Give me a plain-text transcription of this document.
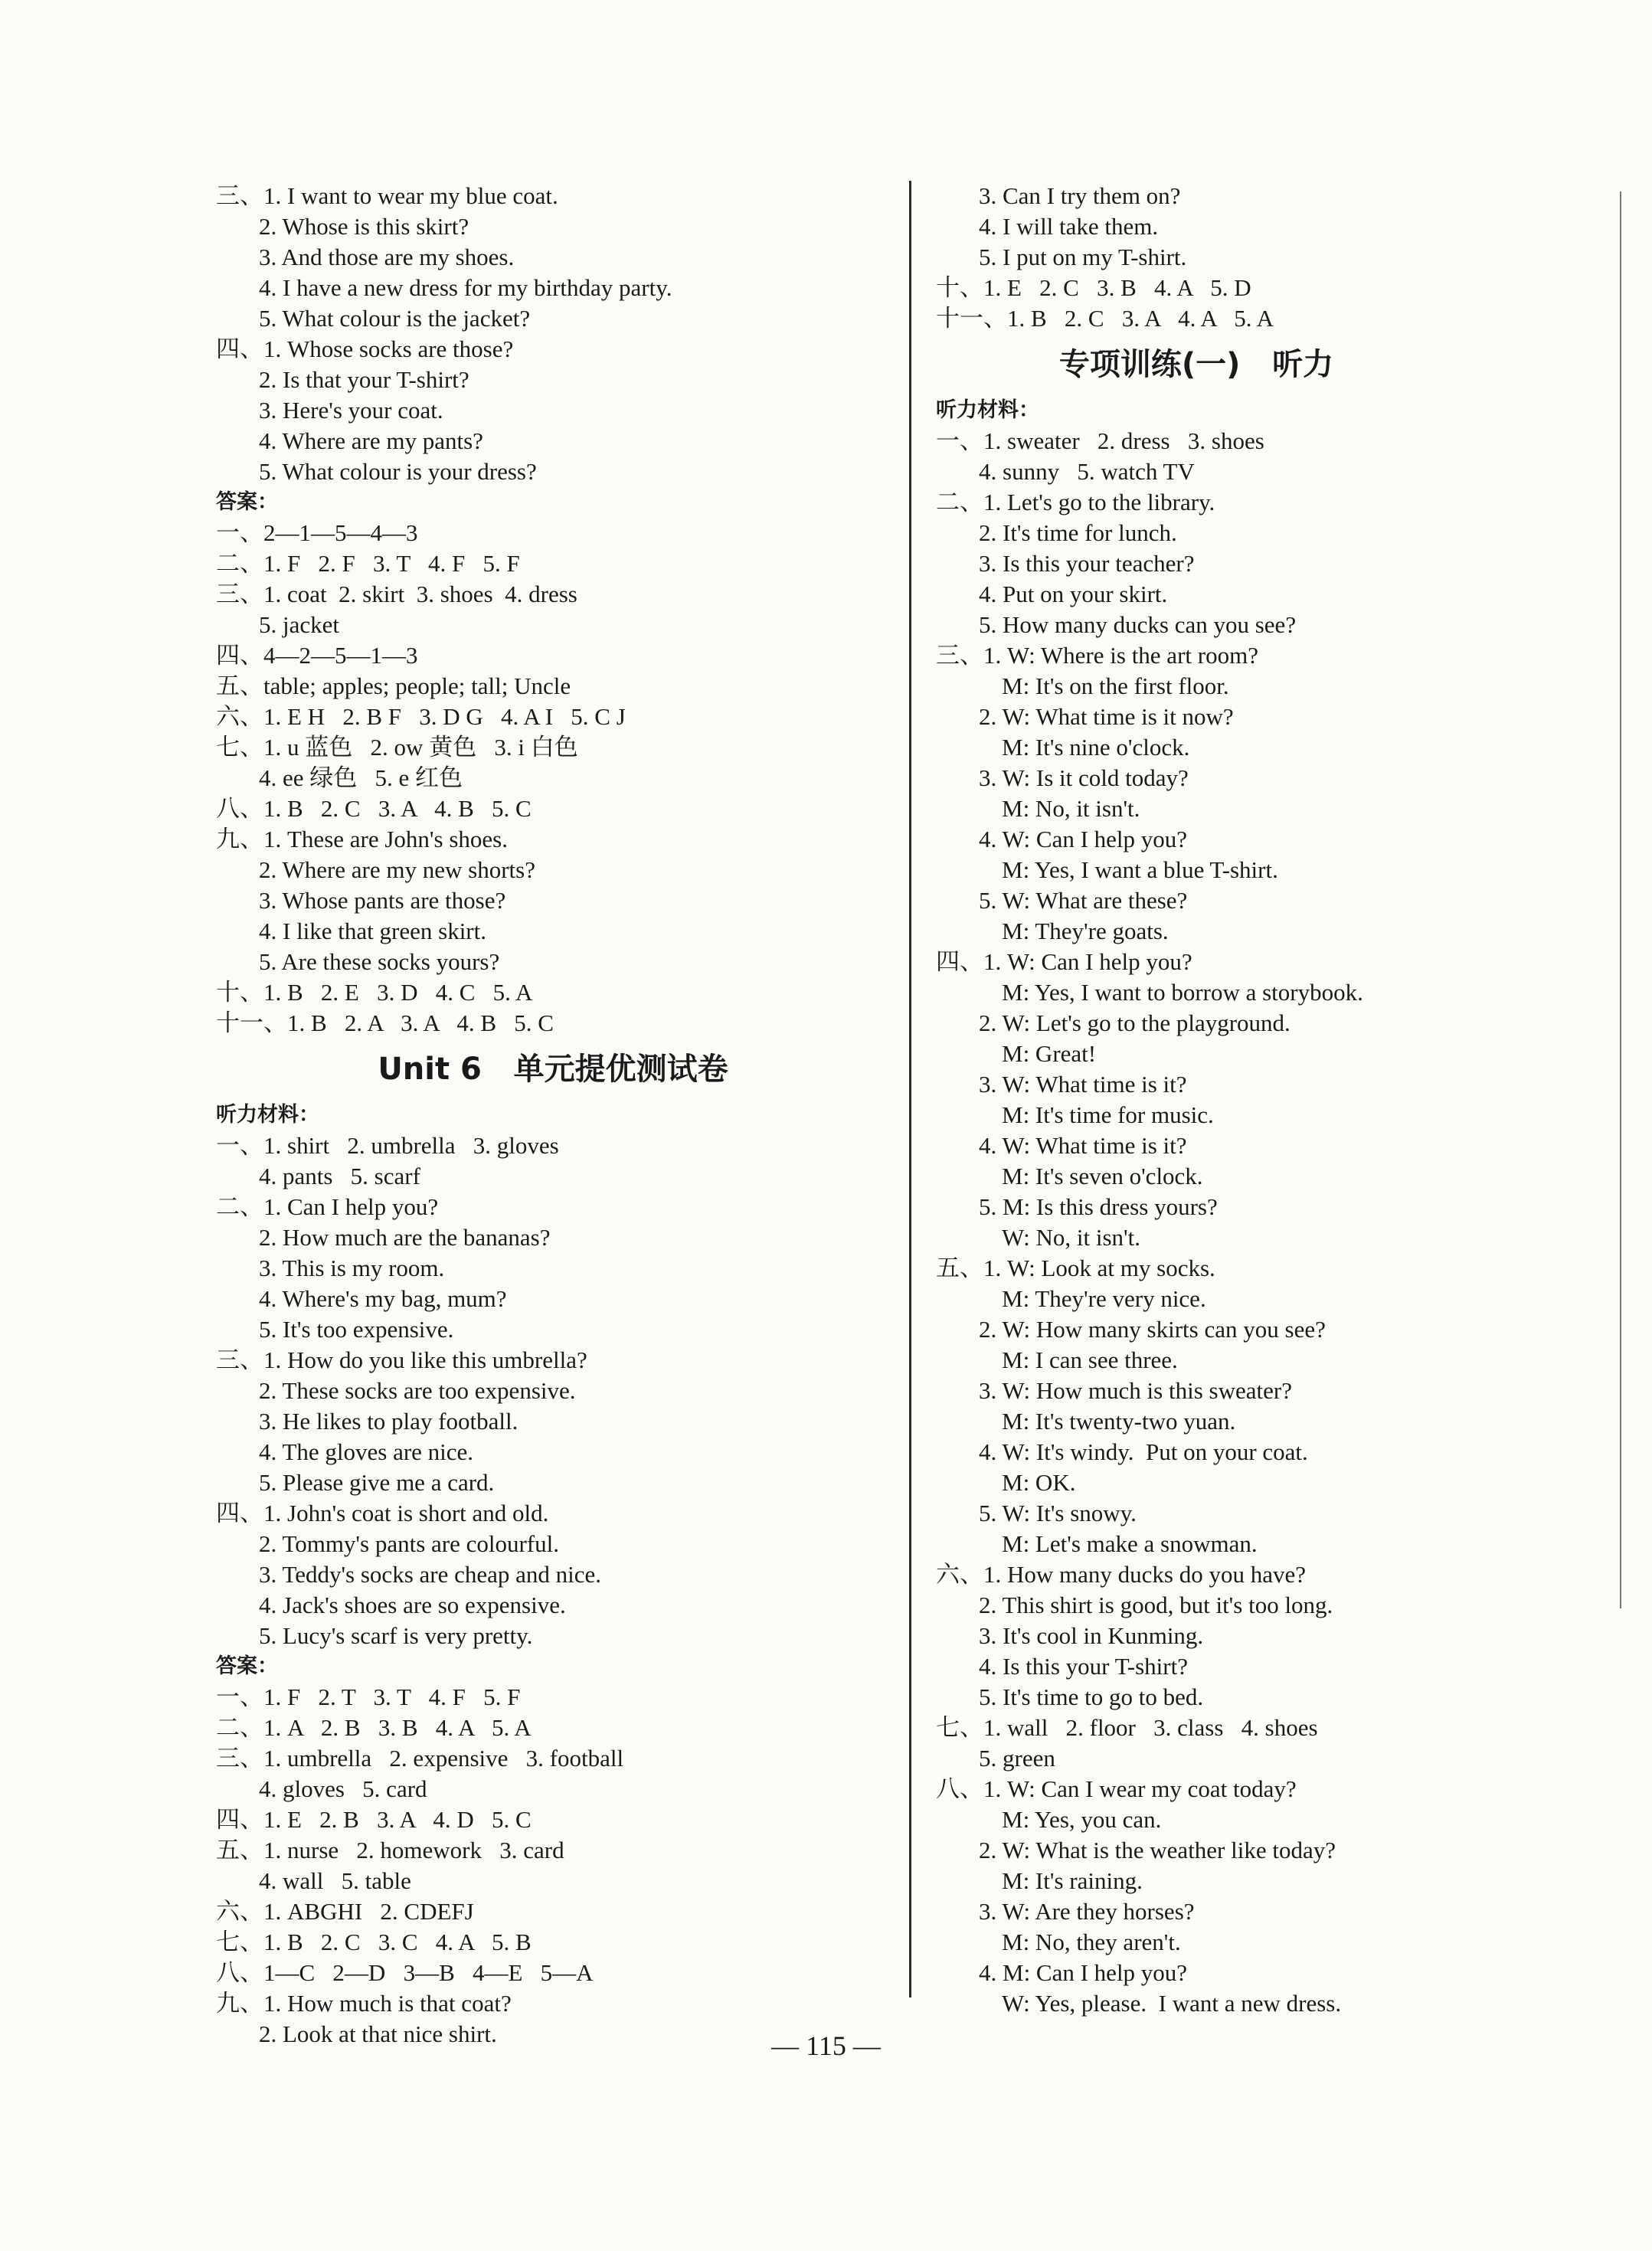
三、1. I want to wear my blue coat.
2. Whose is this skirt?
3. And those are my shoes.
4. I have a new dress for my birthday party.
5. What colour is the jacket?
四、1. Whose socks are those?
2. Is that your T-shirt?
3. Here's your coat.
4. Where are my pants?
5. What colour is your dress?
答案：
一、2—1—5—4—3
二、1. F   2. F   3. T   4. F   5. F
三、1. coat  2. skirt  3. shoes  4. dress
5. jacket
四、4—2—5—1—3
五、table; apples; people; tall; Uncle
六、1. E H   2. B F   3. D G   4. A I   5. C J
七、1. u 蓝色   2. ow 黄色   3. i 白色
4. ee 绿色   5. e 红色
八、1. B   2. C   3. A   4. B   5. C
九、1. These are John's shoes.
2. Where are my new shorts?
3. Whose pants are those?
4. I like that green skirt.
5. Are these socks yours?
十、1. B   2. E   3. D   4. C   5. A
十一、1. B   2. A   3. A   4. B   5. C
Unit 6   单元提优测试卷
听力材料：
一、1. shirt   2. umbrella   3. gloves
4. pants   5. scarf
二、1. Can I help you?
2. How much are the bananas?
3. This is my room.
4. Where's my bag, mum?
5. It's too expensive.
三、1. How do you like this umbrella?
2. These socks are too expensive.
3. He likes to play football.
4. The gloves are nice.
5. Please give me a card.
四、1. John's coat is short and old.
2. Tommy's pants are colourful.
3. Teddy's socks are cheap and nice.
4. Jack's shoes are so expensive.
5. Lucy's scarf is very pretty.
答案：
一、1. F   2. T   3. T   4. F   5. F
二、1. A   2. B   3. B   4. A   5. A
三、1. umbrella   2. expensive   3. football
4. gloves   5. card
四、1. E   2. B   3. A   4. D   5. C
五、1. nurse   2. homework   3. card
4. wall   5. table
六、1. ABGHI   2. CDEFJ
七、1. B   2. C   3. C   4. A   5. B
八、1—C   2—D   3—B   4—E   5—A
九、1. How much is that coat?
2. Look at that nice shirt.
3. Can I try them on?
4. I will take them.
5. I put on my T-shirt.
十、1. E   2. C   3. B   4. A   5. D
十一、1. B   2. C   3. A   4. A   5. A
专项训练(一)   听力
听力材料：
一、1. sweater   2. dress   3. shoes
4. sunny   5. watch TV
二、1. Let's go to the library.
2. It's time for lunch.
3. Is this your teacher?
4. Put on your skirt.
5. How many ducks can you see?
三、1. W: Where is the art room?
M: It's on the first floor.
2. W: What time is it now?
M: It's nine o'clock.
3. W: Is it cold today?
M: No, it isn't.
4. W: Can I help you?
M: Yes, I want a blue T-shirt.
5. W: What are these?
M: They're goats.
四、1. W: Can I help you?
M: Yes, I want to borrow a storybook.
2. W: Let's go to the playground.
M: Great!
3. W: What time is it?
M: It's time for music.
4. W: What time is it?
M: It's seven o'clock.
5. M: Is this dress yours?
W: No, it isn't.
五、1. W: Look at my socks.
M: They're very nice.
2. W: How many skirts can you see?
M: I can see three.
3. W: How much is this sweater?
M: It's twenty-two yuan.
4. W: It's windy.  Put on your coat.
M: OK.
5. W: It's snowy.
M: Let's make a snowman.
六、1. How many ducks do you have?
2. This shirt is good, but it's too long.
3. It's cool in Kunming.
4. Is this your T-shirt?
5. It's time to go to bed.
七、1. wall   2. floor   3. class   4. shoes
5. green
八、1. W: Can I wear my coat today?
M: Yes, you can.
2. W: What is the weather like today?
M: It's raining.
3. W: Are they horses?
M: No, they aren't.
4. M: Can I help you?
W: Yes, please.  I want a new dress.
— 115 —
